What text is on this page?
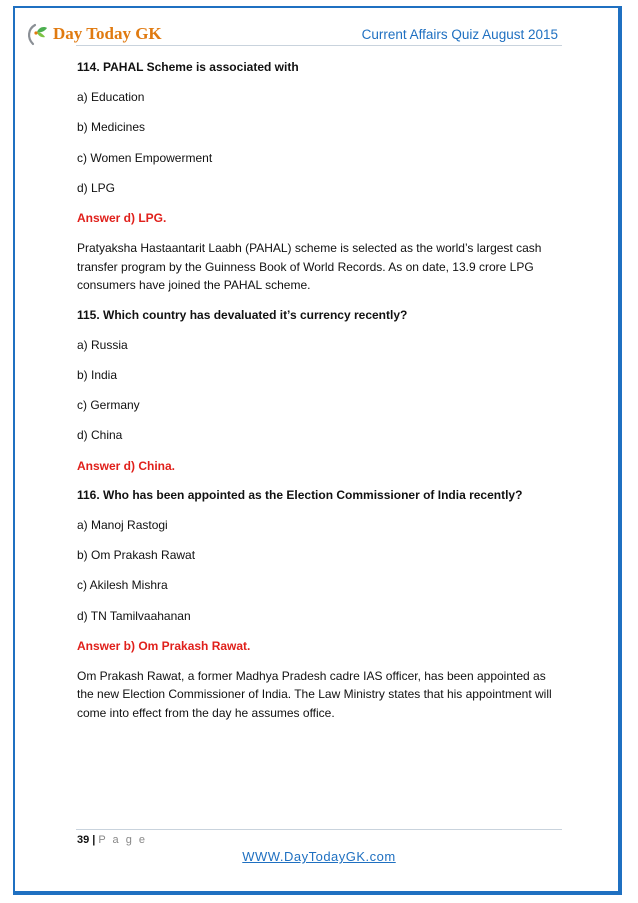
Day Today GK	Current Affairs Quiz August 2015

114. PAHAL Scheme is associated with

a) Education

b) Medicines

c) Women Empowerment

d) LPG

Answer d) LPG.

Pratyaksha Hastaantarit Laabh (PAHAL) scheme is selected as the world’s largest cash transfer program by the Guinness Book of World Records. As on date, 13.9 crore LPG consumers have joined the PAHAL scheme.

115. Which country has devaluated it’s currency recently?

a) Russia

b) India

c) Germany

d) China

Answer d) China.

116. Who has been appointed as the Election Commissioner of India recently?

a) Manoj Rastogi

b) Om Prakash Rawat

c) Akilesh Mishra

d) TN Tamilvaahanan

Answer b) Om Prakash Rawat.

Om Prakash Rawat, a former Madhya Pradesh cadre IAS officer, has been appointed as the new Election Commissioner of India. The Law Ministry states that his appointment will come into effect from the day he assumes office.

39 | P a g e
WWW.DayTodayGK.com
